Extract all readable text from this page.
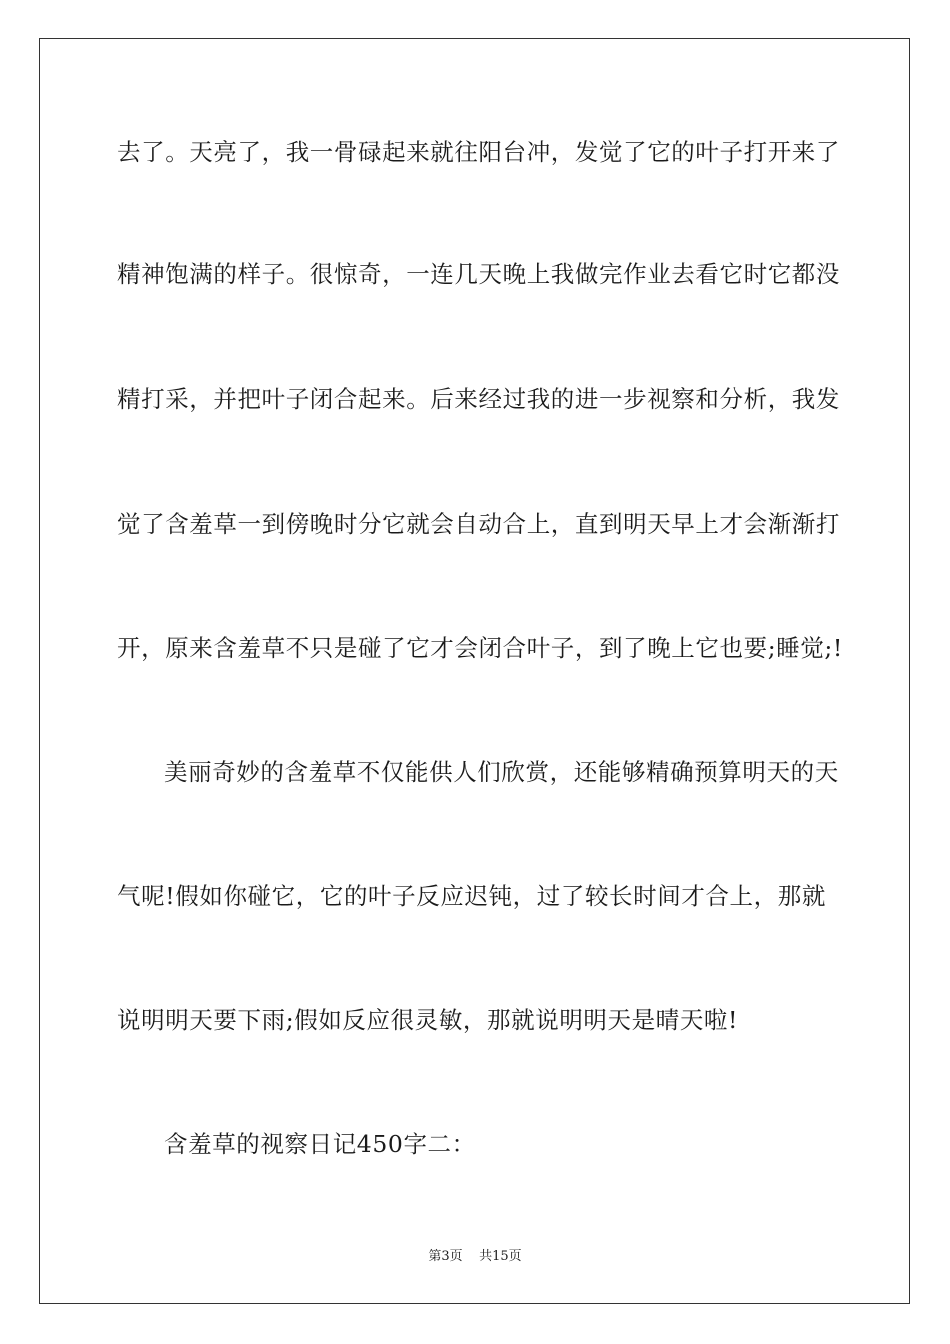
去了。天亮了，我一骨碌起来就往阳台冲，发觉了它的叶子打开来了
精神饱满的样子。很惊奇，一连几天晚上我做完作业去看它时它都没
精打采，并把叶子闭合起来。后来经过我的进一步视察和分析，我发
觉了含羞草一到傍晚时分它就会自动合上，直到明天早上才会渐渐打
开，原来含羞草不只是碰了它才会闭合叶子，到了晚上它也要;睡觉;!
美丽奇妙的含羞草不仅能供人们欣赏，还能够精确预算明天的天
气呢!假如你碰它，它的叶子反应迟钝，过了较长时间才合上，那就
说明明天要下雨;假如反应很灵敏，那就说明明天是晴天啦!
含羞草的视察日记450字二：
第3页    共15页
